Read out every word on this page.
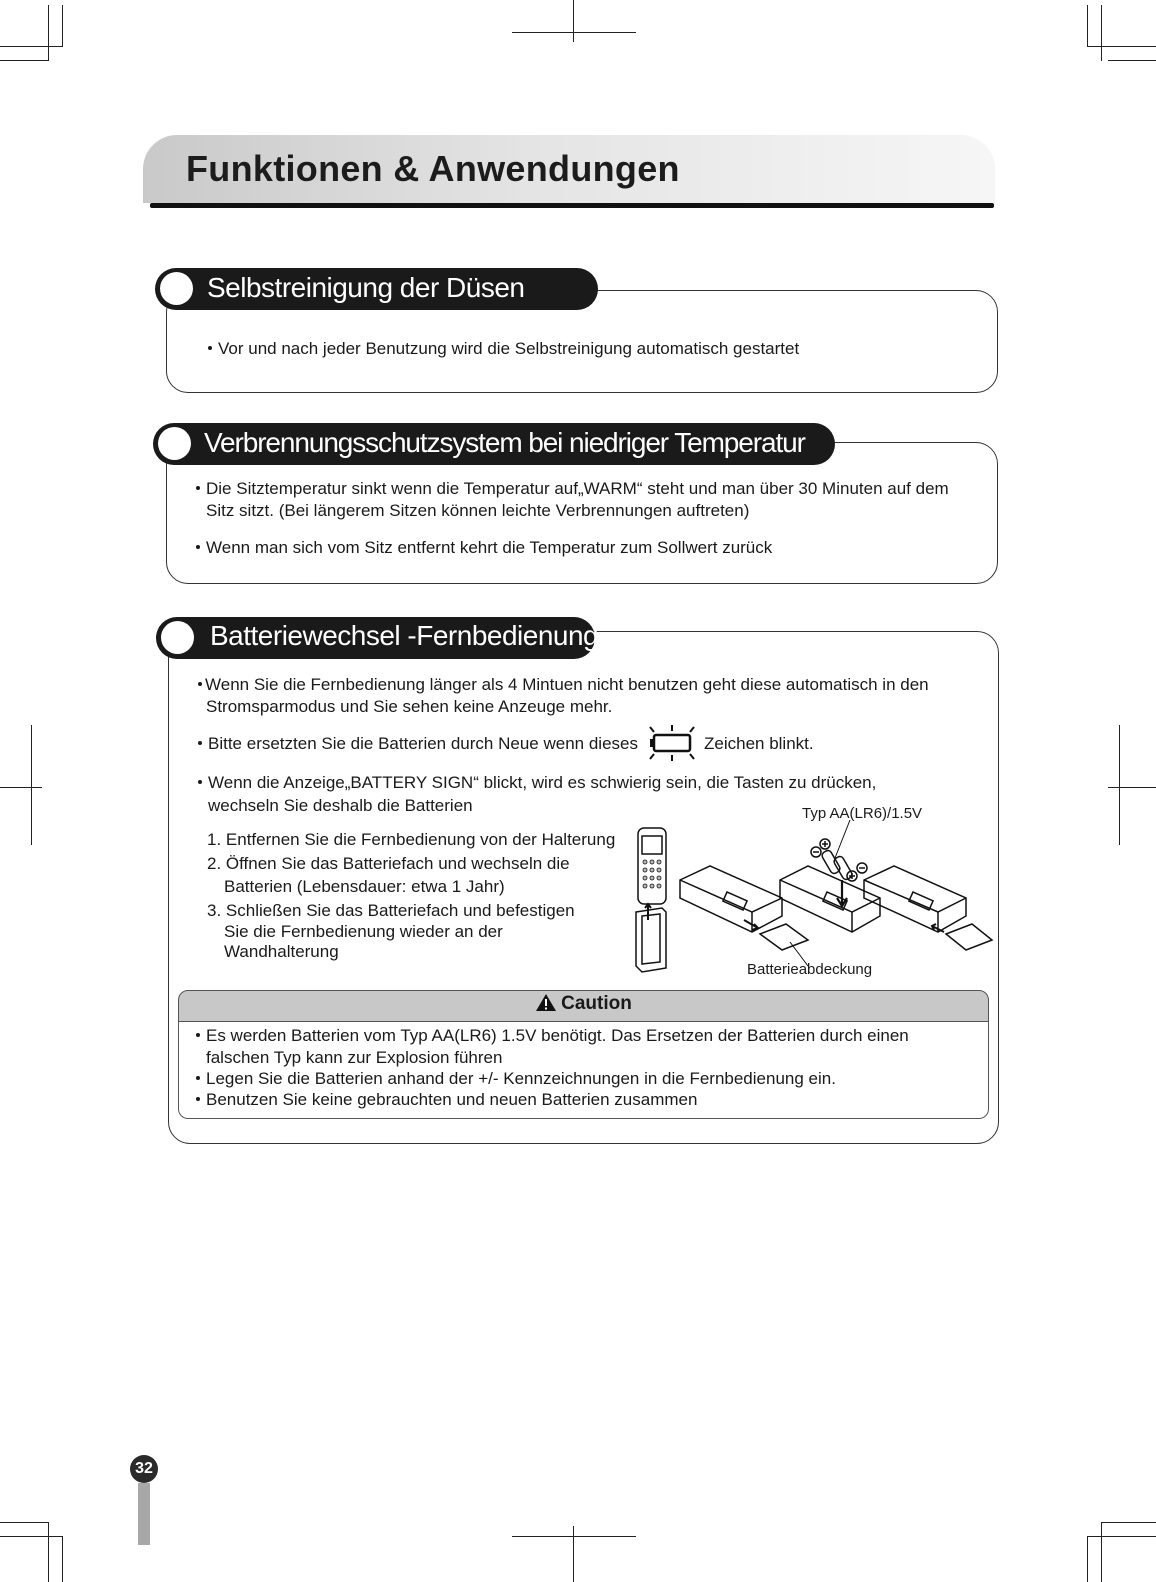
Funktionen & Anwendungen
Selbstreinigung der Düsen
Vor und nach jeder Benutzung wird die Selbstreinigung automatisch gestartet
Verbrennungsschutzsystem bei niedriger Temperatur
Die Sitztemperatur sinkt wenn die Temperatur auf„WARM“ steht und man über 30 Minuten auf dem
Sitz sitzt. (Bei längerem Sitzen können leichte Verbrennungen auftreten)
Wenn man sich vom Sitz entfernt kehrt die Temperatur zum Sollwert zurück
Batteriewechsel -Fernbedienung
Wenn Sie die Fernbedienung länger als 4 Mintuen nicht benutzen geht diese automatisch in den
Stromsparmodus und Sie sehen keine Anzeuge mehr.
Bitte ersetzten Sie die Batterien durch Neue wenn dieses	Zeichen blinkt.
Wenn die Anzeige„BATTERY SIGN“ blickt, wird es schwierig sein, die Tasten zu drücken,
wechseln Sie deshalb die Batterien
1. Entfernen Sie die Fernbedienung von der Halterung
2. Öffnen Sie das Batteriefach und wechseln die
Batterien (Lebensdauer: etwa 1 Jahr)
3. Schließen Sie das Batteriefach und befestigen
Sie die Fernbedienung wieder an der
Wandhalterung
Typ AA(LR6)/1.5V
Batterieabdeckung
Caution
Es werden Batterien vom Typ AA(LR6) 1.5V benötigt. Das Ersetzen der Batterien durch einen
falschen Typ kann zur Explosion führen
Legen Sie die Batterien anhand der +/- Kennzeichnungen in die Fernbedienung ein.
Benutzen Sie keine gebrauchten und neuen Batterien zusammen
32
